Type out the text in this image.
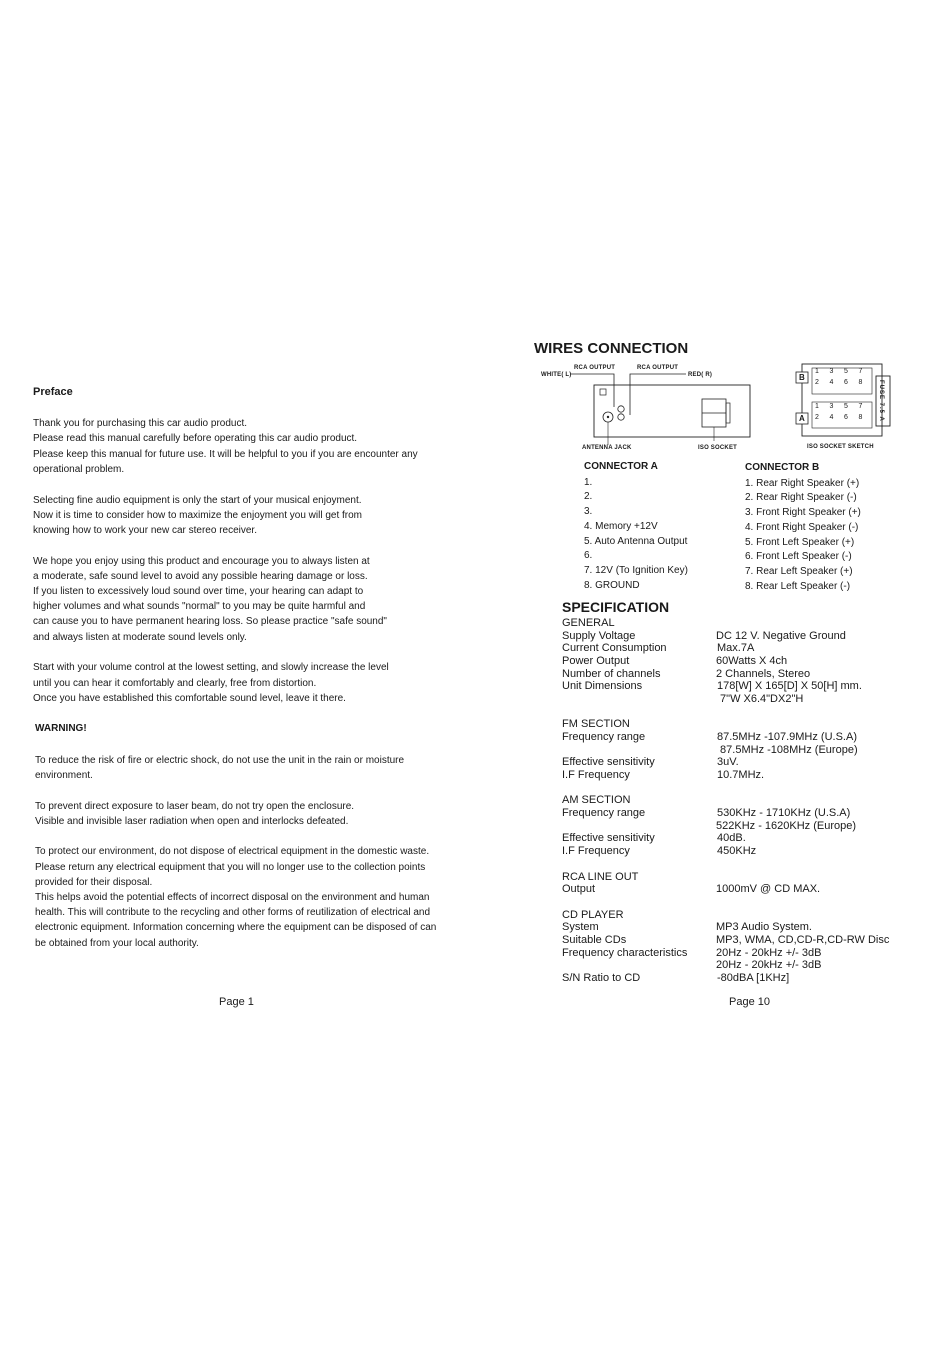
Preface

Thank you for purchasing this car audio product.
Please read this manual carefully before operating this car audio product.
Please keep this manual for future use. It will be helpful to you if you are encounter any
operational problem.

Selecting fine audio equipment is only the start of your musical enjoyment.
Now it is time to consider how to maximize the enjoyment you will get from
knowing how to work your new car stereo receiver.

We hope you enjoy using this product and encourage you to always listen at
a moderate, safe sound level to avoid any possible hearing damage or loss.
If you listen to excessively loud sound over time, your hearing can adapt to
higher volumes and what sounds "normal" to you may be quite harmful and
can cause you to have permanent hearing loss. So please practice "safe sound"
and always listen at moderate sound levels only.

Start with your volume control at the lowest setting, and slowly increase the level
until you can hear it comfortably and clearly, free from distortion.
Once you have established this comfortable sound level, leave it there.

WARNING!

To reduce the risk of fire or electric shock, do not use the unit in the rain or moisture
environment.

To prevent direct exposure to laser beam, do not try open the enclosure.
Visible and invisible laser radiation when open and interlocks defeated.

To protect our environment, do not dispose of electrical equipment in the domestic waste.
Please return any electrical equipment that you will no longer use to the collection points
provided for their disposal.
This helps avoid the potential effects of incorrect disposal on the environment and human
health. This will contribute to the recycling and other forms of reutilization of electrical and
electronic equipment. Information concerning where the equipment can be disposed of can
be obtained from your local authority.

Page 1
WIRES CONNECTION
RCA OUTPUT	RCA OUTPUT
WHITE( L)	RED( R)
ANTENNA JACK	ISO SOCKET
B
A	FUSE 7.5 A
1	3	5	7
2	4	6	8
1	3	5	7
2	4	6	8
ISO SOCKET SKETCH
CONNECTOR A
1.
2.
3.
4. Memory +12V
5. Auto Antenna Output
6.
7. 12V (To Ignition Key)
8. GROUND
CONNECTOR B
1. Rear Right Speaker (+)
2. Rear Right Speaker (-)
3. Front Right Speaker (+)
4. Front Right Speaker (-)
5. Front Left Speaker (+)
6. Front Left Speaker (-)
7. Rear Left Speaker (+)
8. Rear Left Speaker (-)
SPECIFICATION
GENERAL
Supply Voltage	DC 12 V. Negative Ground
Current Consumption	Max.7A
Power Output	60Watts X 4ch
Number of channels	2 Channels, Stereo
Unit Dimensions	178[W] X 165[D] X 50[H] mm.
7"W X6.4"DX2"H
FM SECTION
Frequency range	87.5MHz -107.9MHz (U.S.A)
87.5MHz -108MHz (Europe)
Effective sensitivity	3uV.
I.F Frequency	10.7MHz.
AM SECTION
Frequency range	530KHz - 1710KHz (U.S.A)
522KHz - 1620KHz (Europe)
Effective sensitivity	40dB.
I.F Frequency	450KHz
RCA LINE OUT
Output	1000mV @ CD MAX.
CD PLAYER
System	MP3 Audio System.
Suitable CDs	MP3, WMA, CD,CD-R,CD-RW Disc
Frequency characteristics	20Hz - 20kHz +/- 3dB
20Hz - 20kHz +/- 3dB
S/N Ratio to CD	-80dBA [1KHz]
Page 10
